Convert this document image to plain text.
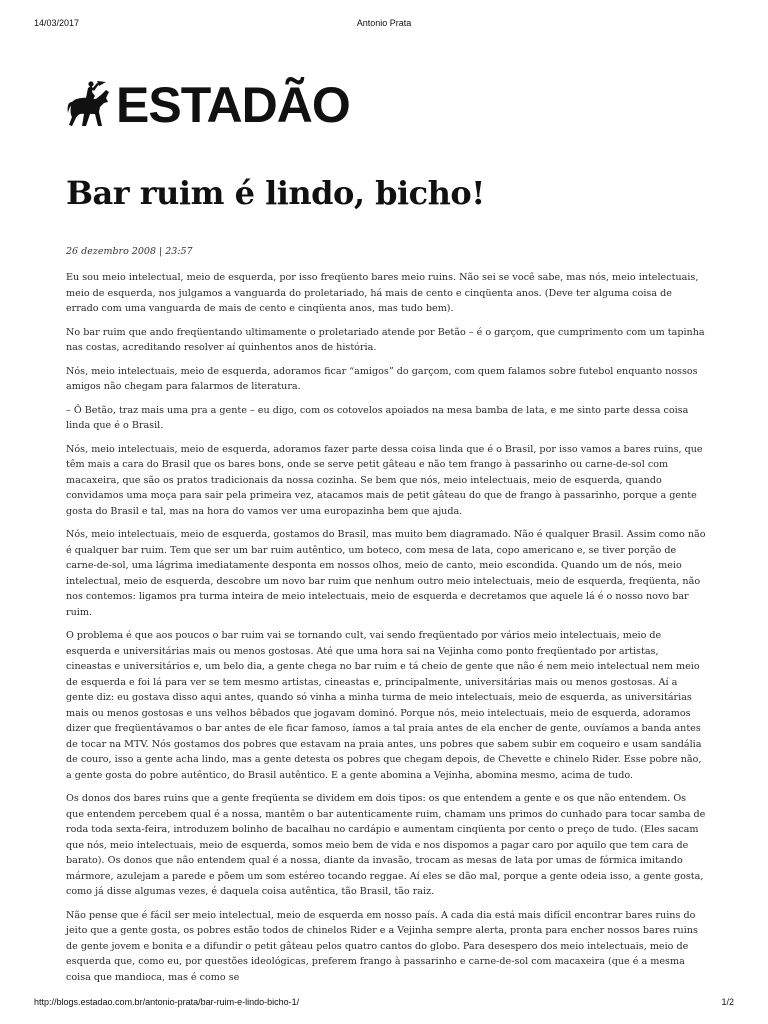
14/03/2017	Antonio Prata
ESTADÃO
Bar ruim é lindo, bicho!
26 dezembro 2008 | 23:57

Eu sou meio intelectual, meio de esquerda, por isso freqüento bares meio ruins. Não sei se você sabe, mas nós, meio intelectuais, meio de esquerda, nos julgamos a vanguarda do proletariado, há mais de cento e cinqüenta anos. (Deve ter alguma coisa de errado com uma vanguarda de mais de cento e cinqüenta anos, mas tudo bem).

No bar ruim que ando freqüentando ultimamente o proletariado atende por Betão – é o garçom, que cumprimento com um tapinha nas costas, acreditando resolver aí quinhentos anos de história.

Nós, meio intelectuais, meio de esquerda, adoramos ficar “amigos” do garçom, com quem falamos sobre futebol enquanto nossos amigos não chegam para falarmos de literatura.

– Ô Betão, traz mais uma pra a gente – eu digo, com os cotovelos apoiados na mesa bamba de lata, e me sinto parte dessa coisa linda que é o Brasil.

Nós, meio intelectuais, meio de esquerda, adoramos fazer parte dessa coisa linda que é o Brasil, por isso vamos a bares ruins, que têm mais a cara do Brasil que os bares bons, onde se serve petit gâteau e não tem frango à passarinho ou carne-de-sol com macaxeira, que são os pratos tradicionais da nossa cozinha. Se bem que nós, meio intelectuais, meio de esquerda, quando convidamos uma moça para sair pela primeira vez, atacamos mais de petit gâteau do que de frango à passarinho, porque a gente gosta do Brasil e tal, mas na hora do vamos ver uma europazinha bem que ajuda.

Nós, meio intelectuais, meio de esquerda, gostamos do Brasil, mas muito bem diagramado. Não é qualquer Brasil. Assim como não é qualquer bar ruim. Tem que ser um bar ruim autêntico, um boteco, com mesa de lata, copo americano e, se tiver porção de carne-de-sol, uma lágrima imediatamente desponta em nossos olhos, meio de canto, meio escondida. Quando um de nós, meio intelectual, meio de esquerda, descobre um novo bar ruim que nenhum outro meio intelectuais, meio de esquerda, freqüenta, não nos contemos: ligamos pra turma inteira de meio intelectuais, meio de esquerda e decretamos que aquele lá é o nosso novo bar ruim.

O problema é que aos poucos o bar ruim vai se tornando cult, vai sendo freqüentado por vários meio intelectuais, meio de esquerda e universitárias mais ou menos gostosas. Até que uma hora sai na Vejinha como ponto freqüentado por artistas, cineastas e universitários e, um belo dia, a gente chega no bar ruim e tá cheio de gente que não é nem meio intelectual nem meio de esquerda e foi lá para ver se tem mesmo artistas, cineastas e, principalmente, universitárias mais ou menos gostosas. Aí a gente diz: eu gostava disso aqui antes, quando só vinha a minha turma de meio intelectuais, meio de esquerda, as universitárias mais ou menos gostosas e uns velhos bêbados que jogavam dominó. Porque nós, meio intelectuais, meio de esquerda, adoramos dizer que freqüentávamos o bar antes de ele ficar famoso, íamos a tal praia antes de ela encher de gente, ouvíamos a banda antes de tocar na MTV. Nós gostamos dos pobres que estavam na praia antes, uns pobres que sabem subir em coqueiro e usam sandália de couro, isso a gente acha lindo, mas a gente detesta os pobres que chegam depois, de Chevette e chinelo Rider. Esse pobre não, a gente gosta do pobre autêntico, do Brasil autêntico. E a gente abomina a Vejinha, abomina mesmo, acima de tudo.

Os donos dos bares ruins que a gente freqüenta se dividem em dois tipos: os que entendem a gente e os que não entendem. Os que entendem percebem qual é a nossa, mantêm o bar autenticamente ruim, chamam uns primos do cunhado para tocar samba de roda toda sexta-feira, introduzem bolinho de bacalhau no cardápio e aumentam cinqüenta por cento o preço de tudo. (Eles sacam que nós, meio intelectuais, meio de esquerda, somos meio bem de vida e nos dispomos a pagar caro por aquilo que tem cara de barato). Os donos que não entendem qual é a nossa, diante da invasão, trocam as mesas de lata por umas de fórmica imitando mármore, azulejam a parede e põem um som estéreo tocando reggae. Aí eles se dão mal, porque a gente odeia isso, a gente gosta, como já disse algumas vezes, é daquela coisa autêntica, tão Brasil, tão raiz.

Não pense que é fácil ser meio intelectual, meio de esquerda em nosso país. A cada dia está mais difícil encontrar bares ruins do jeito que a gente gosta, os pobres estão todos de chinelos Rider e a Vejinha sempre alerta, pronta para encher nossos bares ruins de gente jovem e bonita e a difundir o petit gâteau pelos quatro cantos do globo. Para desespero dos meio intelectuais, meio de esquerda que, como eu, por questões ideológicas, preferem frango à passarinho e carne-de-sol com macaxeira (que é a mesma coisa que mandioca, mas é como se

http://blogs.estadao.com.br/antonio-prata/bar-ruim-e-lindo-bicho-1/	1/2
